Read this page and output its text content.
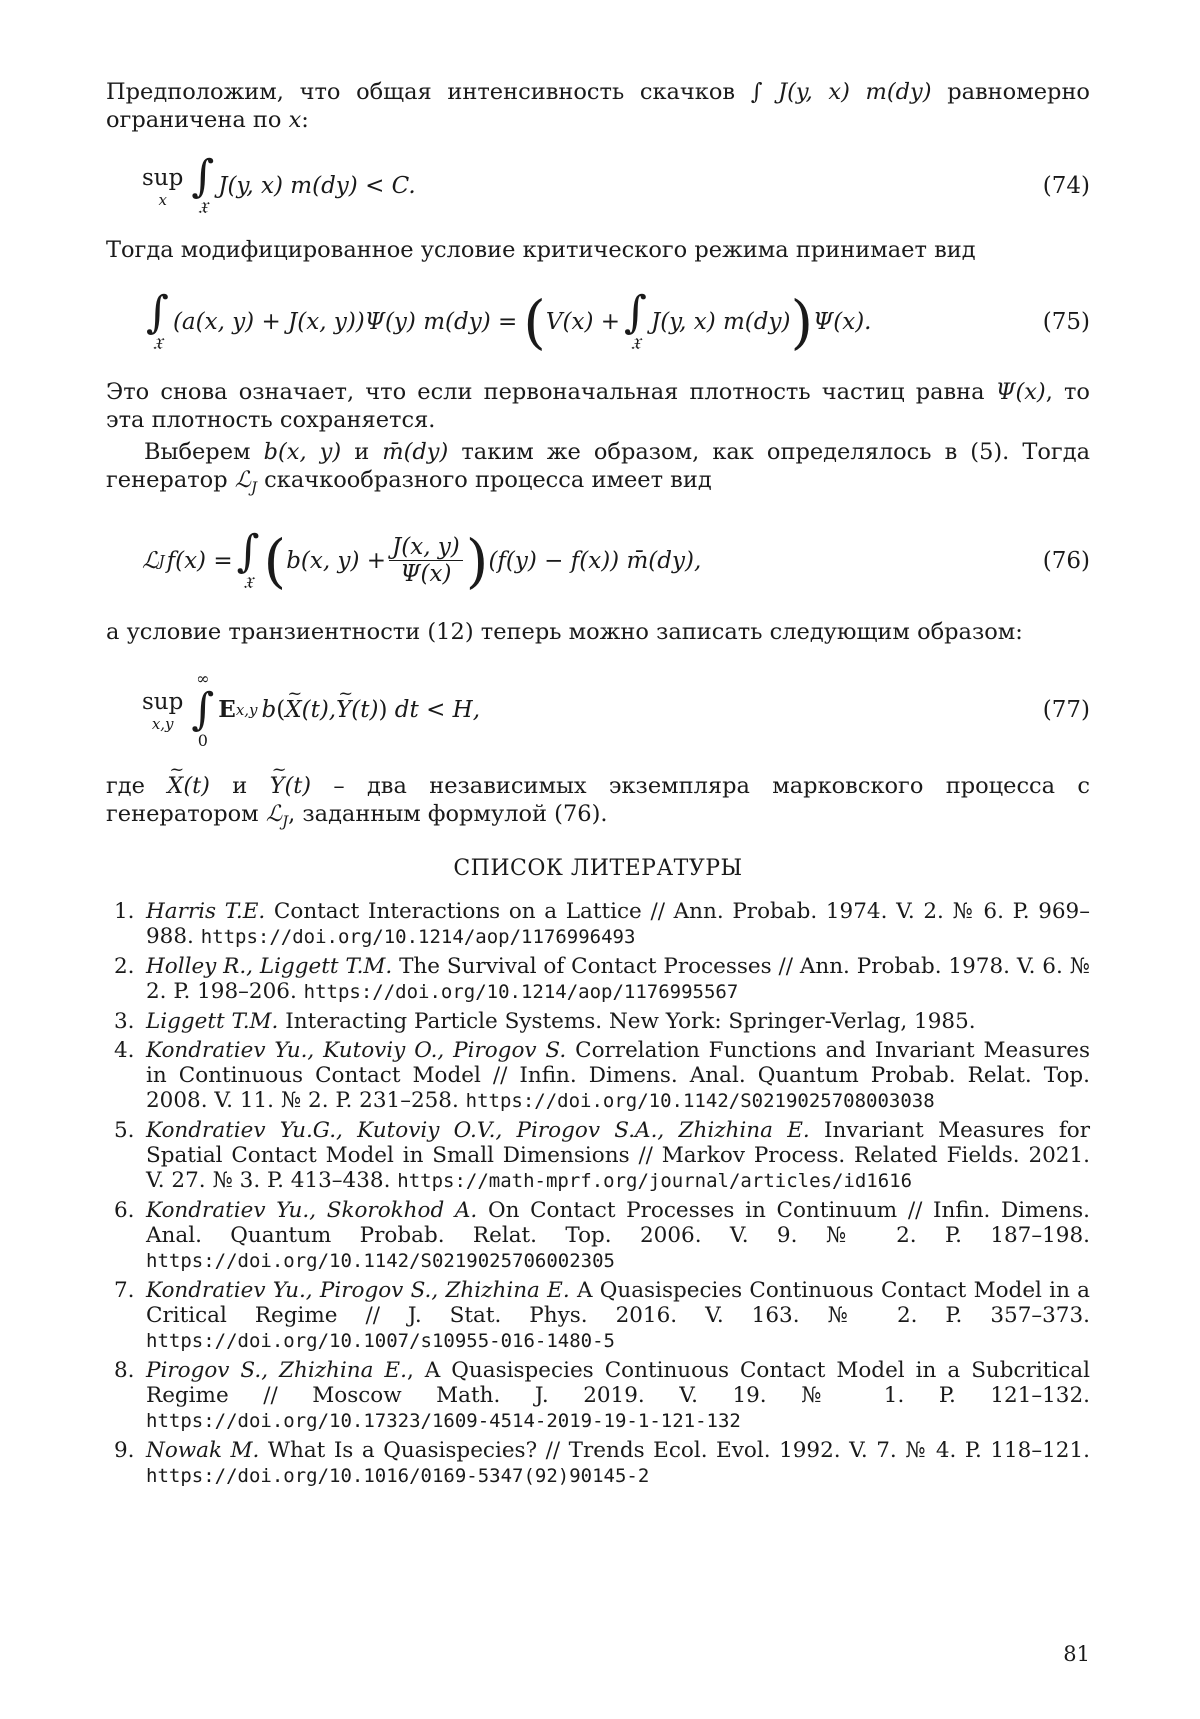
Предположим, что общая интенсивность скачков ∫ J(y, x) m(dy) равномерно ограничена по x:

sup
x ∫
𝔛
J(y, x) m(dy) < C.	(74)

Тогда модифицированное условие критического режима принимает вид

∫
𝔛
(a(x, y) + J(x, y))Ψ(y) m(dy) = ( V(x) + ∫
𝔛
J(y, x) m(dy) ) Ψ(x).	(75)

Это снова означает, что если первоначальная плотность частиц равна Ψ(x), то эта плотность сохраняется.

Выберем b(x, y) и m̄(dy) таким же образом, как определялось в (5). Тогда генератор ℒJ скачкообразного процесса имеет вид

ℒ J f(x) = ∫
𝔛 ( b(x, y) +
J(x, y)
Ψ(x) ) (f(y) − f(x)) m̄(dy),	(76)

а условие транзиентности (12) теперь можно записать следующим образом:

sup
x,y
∞
∫
0
E x,y b (
~ X (t),
~ Y (t) ) dt < H,	(77)

где ~ X(t) и ~ Y(t) – два независимых экземпляра марковского процесса с генератором ℒJ, заданным формулой (76).

СПИСОК ЛИТЕРАТУРЫ
1. Harris T.E. Contact Interactions on a Lattice // Ann. Probab. 1974. V. 2. № 6. P. 969–988. https://doi.org/10.1214/aop/1176996493
2. Holley R., Liggett T.M. The Survival of Contact Processes // Ann. Probab. 1978. V. 6. № 2. P. 198–206. https://doi.org/10.1214/aop/1176995567
3. Liggett T.M. Interacting Particle Systems. New York: Springer-Verlag, 1985.
4. Kondratiev Yu., Kutoviy O., Pirogov S. Correlation Functions and Invariant Measures in Continuous Contact Model // Infin. Dimens. Anal. Quantum Probab. Relat. Top. 2008. V. 11. № 2. P. 231–258. https://doi.org/10.1142/S0219025708003038
5. Kondratiev Yu.G., Kutoviy O.V., Pirogov S.A., Zhizhina E. Invariant Measures for Spatial Contact Model in Small Dimensions // Markov Process. Related Fields. 2021. V. 27. № 3. P. 413–438. https://math-mprf.org/journal/articles/id1616
6. Kondratiev Yu., Skorokhod A. On Contact Processes in Continuum // Infin. Dimens. Anal. Quantum Probab. Relat. Top. 2006. V. 9. № 2. P. 187–198. https://doi.org/10.1142/S0219025706002305
7. Kondratiev Yu., Pirogov S., Zhizhina E. A Quasispecies Continuous Contact Model in a Critical Regime // J. Stat. Phys. 2016. V. 163. № 2. P. 357–373. https://doi.org/10.1007/s10955-016-1480-5
8. Pirogov S., Zhizhina E., A Quasispecies Continuous Contact Model in a Subcritical Regime // Moscow Math. J. 2019. V. 19. № 1. P. 121–132. https://doi.org/10.17323/1609-4514-2019-19-1-121-132
9. Nowak M. What Is a Quasispecies? // Trends Ecol. Evol. 1992. V. 7. № 4. P. 118–121. https://doi.org/10.1016/0169-5347(92)90145-2
81
